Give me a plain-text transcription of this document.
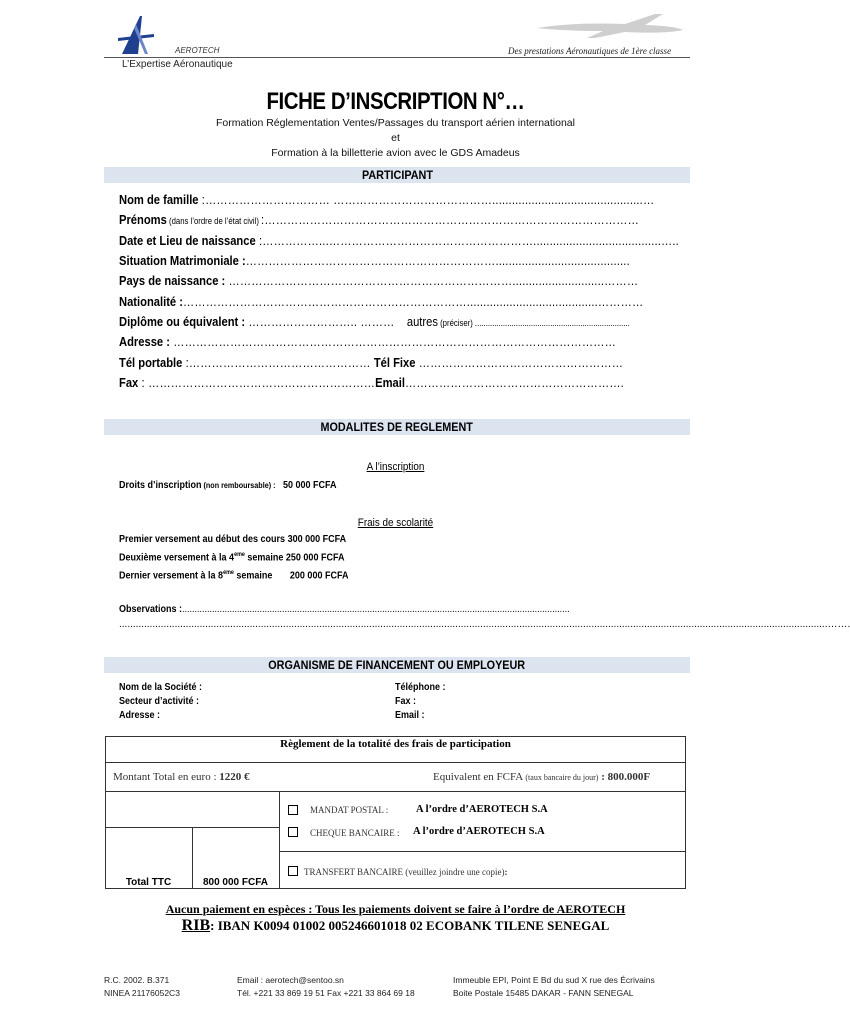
AEROTECH	Des prestations Aéronautiques de 1ère classe
L’Expertise Aéronautique
FICHE D’INSCRIPTION N°…
Formation Réglementation Ventes/Passages du transport aérien international
et
Formation à la billetterie avion avec le GDS Amadeus
PARTICIPANT
Nom de famille :…………………………… ……………………………………..............................................…
Prénoms (dans l’ordre de l’état civil) :………………………………………………………………………………………
Date et Lieu de naissance :……………...……………………………………………….......................................…..
Situation Matrimoniale :………………………………………………………….........................................
Pays de naissance : …………………………………………………………………............................………
Nationalité :…………………………………………………………………........................................…………
Diplôme ou équivalent : ……………………….. ……… autres (préciser) ........................................................................
Adresse : ………………………………………………………………………………………………………
Tél portable :………………………………………… Tél Fixe ………………………………………………
Fax : ……………………………………………………Email………………………………………………….
MODALITES DE REGLEMENT
A l’inscription
Droits d’inscription (non remboursable) : 50 000 FCFA
Frais de scolarité
Premier versement au début des cours 300 000 FCFA
Deuxième versement à la 4ème semaine 250 000 FCFA
Dernier versement à la 8ème semaine 200 000 FCFA
Observations :...........................................................................................................................................................
...............................................................................................................................................................................................................................................................…….
ORGANISME DE FINANCEMENT OU EMPLOYEUR
Nom de la Société :
Secteur d’activité :
Adresse :
Téléphone :
Fax :
Email :
Règlement de la totalité des frais de participation
Montant Total en euro : 1220 €	Equivalent en FCFA (taux bancaire du jour) : 800.000F
MANDAT POSTAL :	A l’ordre d’AEROTECH S.A
CHEQUE BANCAIRE : A l’ordre d’AEROTECH S.A
TRANSFERT BANCAIRE (veuillez joindre une copie):
Total TTC	800 000 FCFA
Aucun paiement en espèces : Tous les paiements doivent se faire à l’ordre de AEROTECH
RIB: IBAN K0094 01002 005246601018 02 ECOBANK TILENE SENEGAL
R.C. 2002. B.371
NINEA 21176052C3
Email : aerotech@sentoo.sn
Tél. +221 33 869 19 51 Fax +221 33 864 69 18
Immeuble EPI, Point E Bd du sud X rue des Écrivains
Boite Postale 15485 DAKAR - FANN SENEGAL
